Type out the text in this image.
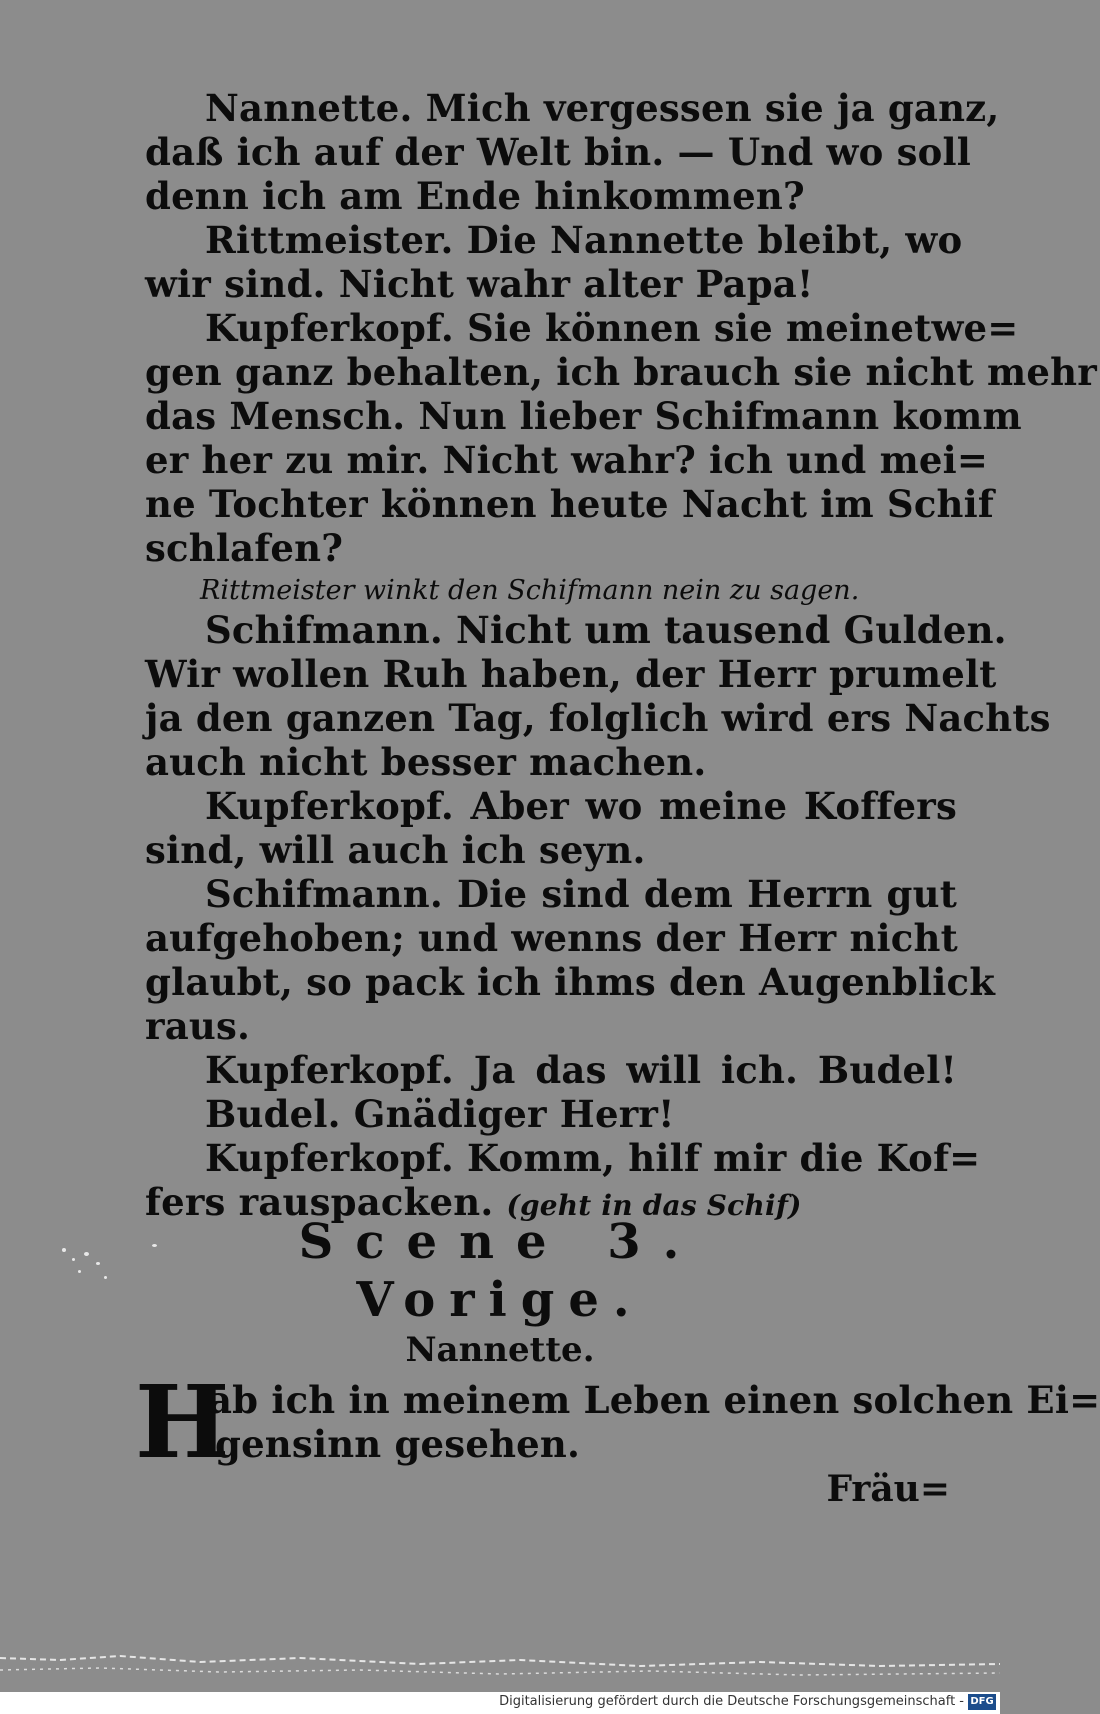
Nannette. Mich vergessen sie ja ganz,
daß ich auf der Welt bin. — Und wo soll
denn ich am Ende hinkommen?
Rittmeister. Die Nannette bleibt, wo
wir sind. Nicht wahr alter Papa!
Kupferkopf. Sie können sie meinetwe=
gen ganz behalten, ich brauch sie nicht mehr
das Mensch. Nun lieber Schifmann komm
er her zu mir. Nicht wahr? ich und mei=
ne Tochter können heute Nacht im Schif
schlafen?
Rittmeister winkt den Schifmann nein zu sagen.
Schifmann. Nicht um tausend Gulden.
Wir wollen Ruh haben, der Herr prumelt
ja den ganzen Tag, folglich wird ers Nachts
auch nicht besser machen.
Kupferkopf. Aber wo meine Koffers
sind, will auch ich seyn.
Schifmann. Die sind dem Herrn gut
aufgehoben; und wenns der Herr nicht
glaubt, so pack ich ihms den Augenblick
raus.
Kupferkopf. Ja das will ich. Budel!
Budel. Gnädiger Herr!
Kupferkopf. Komm, hilf mir die Kof=
fers rauspacken. (geht in das Schif)
Scene 3.
Vorige.
Nannette.
H
ab ich in meinem Leben einen solchen Ei=
gensinn gesehen.
Fräu=
Digitalisierung gefördert durch die Deutsche Forschungsgemeinschaft - DFG
